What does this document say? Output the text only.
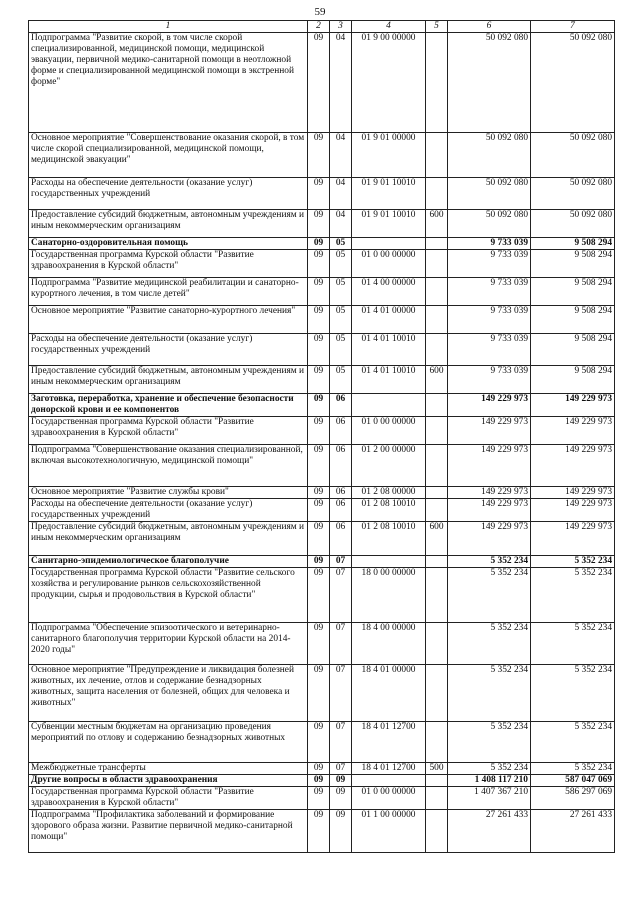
59
1	2	3	4	5	6	7
Подпрограмма "Развитие скорой, в том числе скорой специализированной, медицинской помощи, медицинской эвакуации, первичной медико-санитарной помощи в неотложной форме и специализированной медицинской помощи в экстренной форме"	09	04	01 9 00 00000		50 092 080	50 092 080
Основное мероприятие "Совершенствование оказания скорой, в том числе скорой специализированной, медицинской помощи, медицинской эвакуации"	09	04	01 9 01 00000		50 092 080	50 092 080
Расходы на обеспечение деятельности (оказание услуг) государственных учреждений	09	04	01 9 01 10010		50 092 080	50 092 080
Предоставление субсидий бюджетным, автономным учреждениям и иным некоммерческим организациям	09	04	01 9 01 10010	600	50 092 080	50 092 080
Санаторно-оздоровительная помощь	09	05			9 733 039	9 508 294
Государственная программа Курской области "Развитие здравоохранения в Курской области"	09	05	01 0 00 00000		9 733 039	9 508 294
Подпрограмма "Развитие медицинской реабилитации и санаторно-курортного лечения, в том числе детей"	09	05	01 4 00 00000		9 733 039	9 508 294
Основное мероприятие "Развитие санаторно-курортного лечения"	09	05	01 4 01 00000		9 733 039	9 508 294
Расходы на обеспечение деятельности (оказание услуг) государственных учреждений	09	05	01 4 01 10010		9 733 039	9 508 294
Предоставление субсидий бюджетным, автономным учреждениям и иным некоммерческим организациям	09	05	01 4 01 10010	600	9 733 039	9 508 294
Заготовка, переработка, хранение и обеспечение безопасности донорской крови и ее компонентов	09	06			149 229 973	149 229 973
Государственная программа Курской области "Развитие здравоохранения в Курской области"	09	06	01 0 00 00000		149 229 973	149 229 973
Подпрограмма "Совершенствование оказания специализированной, включая высокотехнологичную, медицинской помощи"	09	06	01 2 00 00000		149 229 973	149 229 973
Основное мероприятие "Развитие службы крови"	09	06	01 2 08 00000		149 229 973	149 229 973
Расходы на обеспечение деятельности (оказание услуг) государственных учреждений	09	06	01 2 08 10010		149 229 973	149 229 973
Предоставление субсидий бюджетным, автономным учреждениям и иным некоммерческим организациям	09	06	01 2 08 10010	600	149 229 973	149 229 973
Санитарно-эпидемиологическое благополучие	09	07			5 352 234	5 352 234
Государственная программа Курской области "Развитие сельского хозяйства и регулирование рынков сельскохозяйственной продукции, сырья и продовольствия в Курской области"	09	07	18 0 00 00000		5 352 234	5 352 234
Подпрограмма "Обеспечение эпизоотического и ветеринарно-санитарного благополучия территории Курской области на 2014-2020 годы"	09	07	18 4 00 00000		5 352 234	5 352 234
Основное мероприятие "Предупреждение и ликвидация болезней животных, их лечение, отлов и содержание безнадзорных животных, защита населения от болезней, общих для человека и животных"	09	07	18 4 01 00000		5 352 234	5 352 234
Субвенции местным бюджетам на организацию проведения мероприятий по отлову и содержанию безнадзорных животных	09	07	18 4 01 12700		5 352 234	5 352 234
Межбюджетные трансферты	09	07	18 4 01 12700	500	5 352 234	5 352 234
Другие вопросы в области здравоохранения	09	09			1 408 117 210	587 047 069
Государственная программа Курской области "Развитие здравоохранения в Курской области"	09	09	01 0 00 00000		1 407 367 210	586 297 069
Подпрограмма "Профилактика заболеваний и формирование здорового образа жизни. Развитие первичной медико-санитарной помощи"	09	09	01 1 00 00000		27 261 433	27 261 433
